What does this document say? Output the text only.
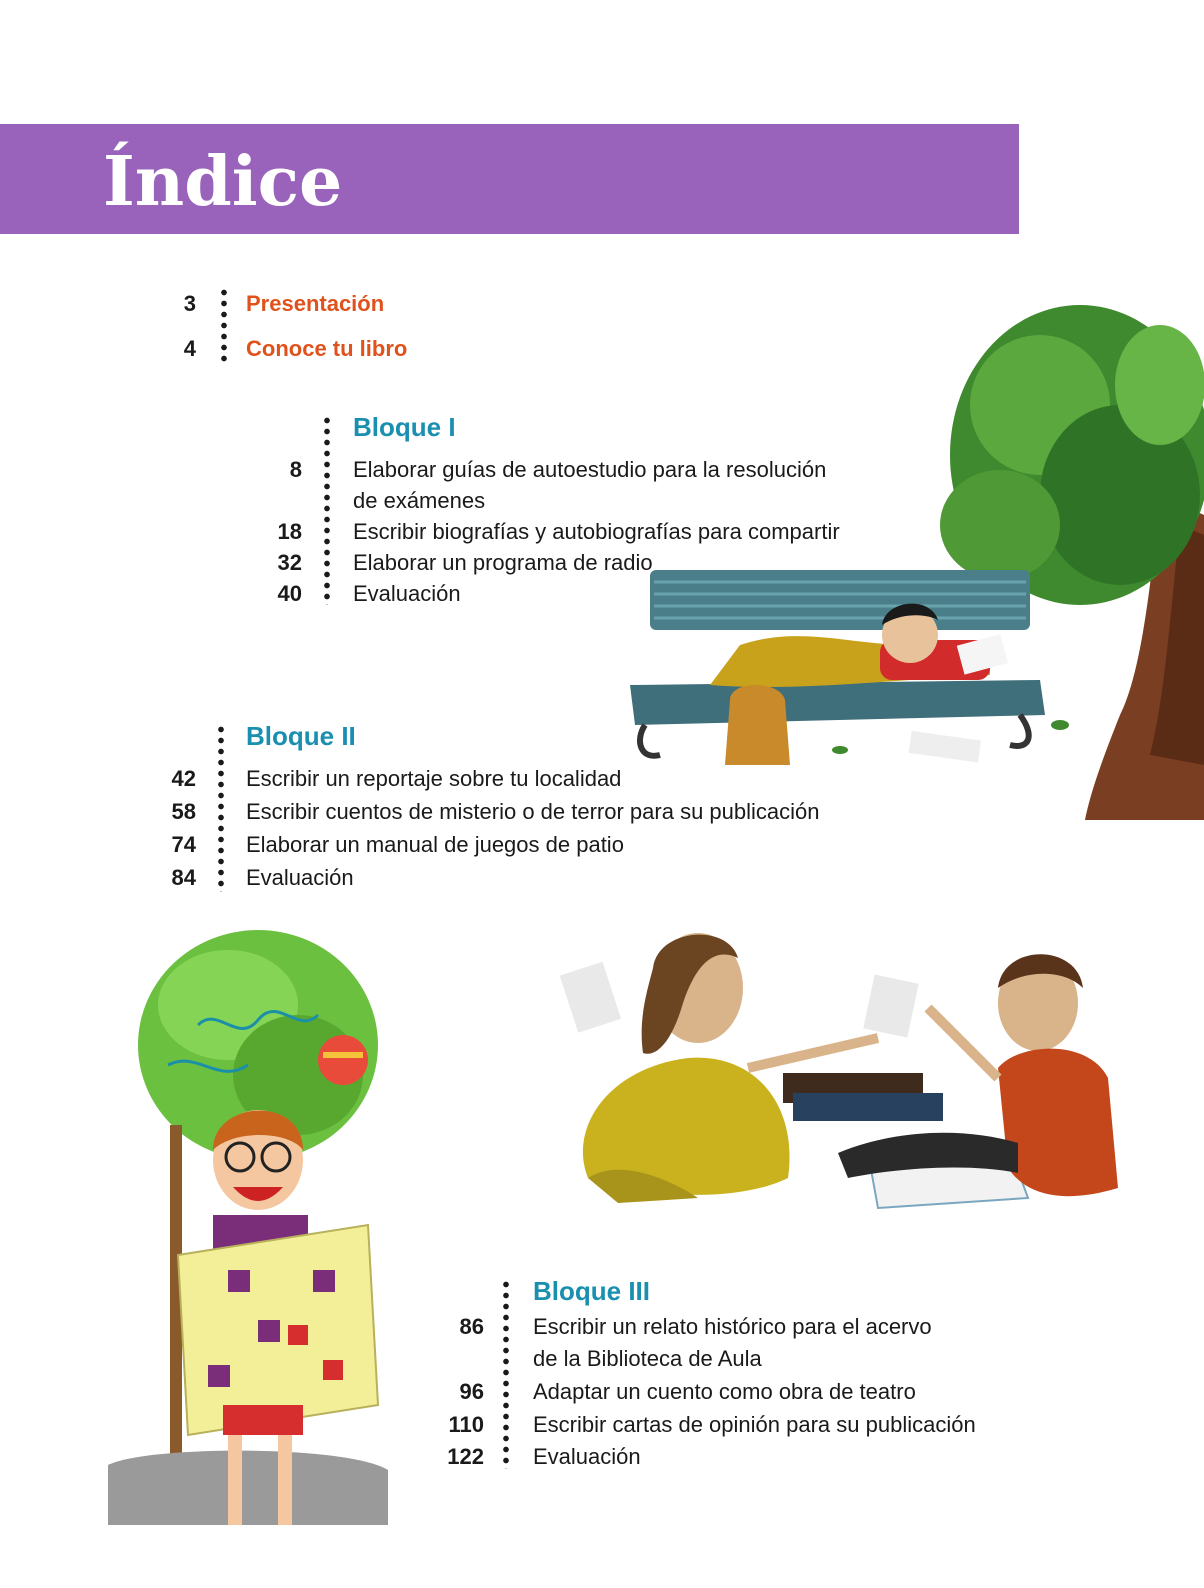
Índice
3 Presentación
4 Conoce tu libro
Bloque I
8 Elaborar guías de autoestudio para la resolución
de exámenes
18 Escribir biografías y autobiografías para compartir
32 Elaborar un programa de radio
40 Evaluación
Bloque II
42 Escribir un reportaje sobre tu localidad
58 Escribir cuentos de misterio o de terror para su publicación
74 Elaborar un manual de juegos de patio
84 Evaluación
Bloque III
86 Escribir un relato histórico para el acervo
de la Biblioteca de Aula
96 Adaptar un cuento como obra de teatro
110 Escribir cartas de opinión para su publicación
122 Evaluación
